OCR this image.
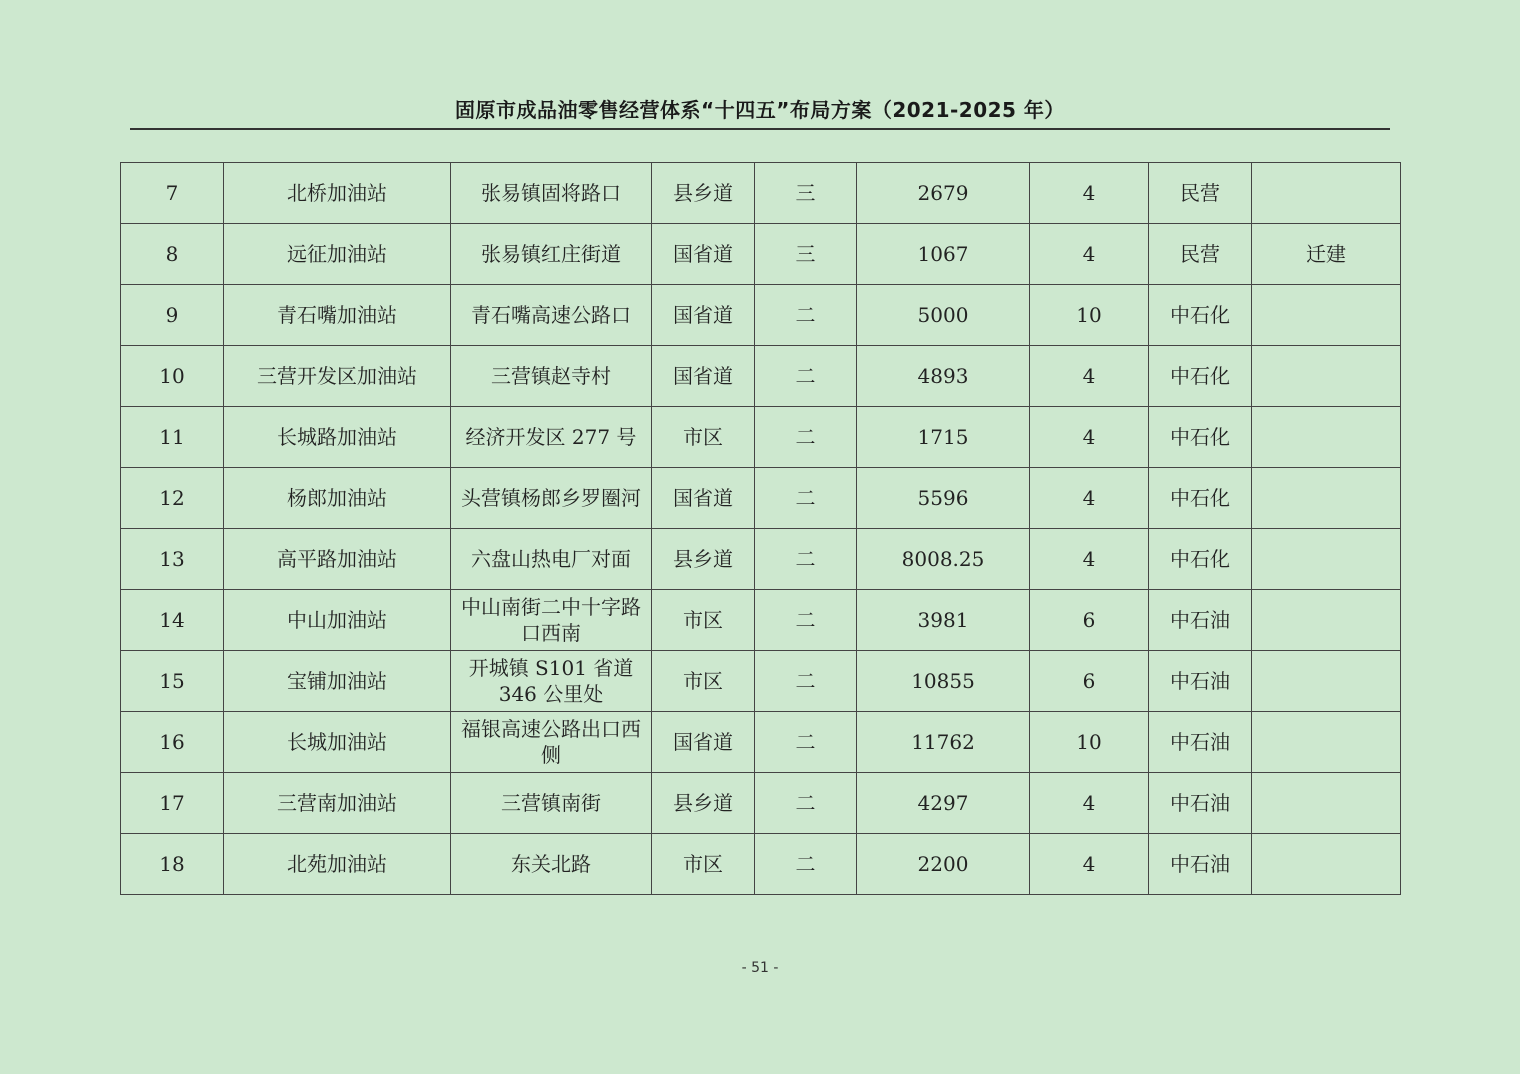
固原市成品油零售经营体系“十四五”布局方案（2021-2025 年）
7	北桥加油站	张易镇固将路口	县乡道	三	2679	4	民营	
8	远征加油站	张易镇红庄街道	国省道	三	1067	4	民营	迁建
9	青石嘴加油站	青石嘴高速公路口	国省道	二	5000	10	中石化	
10	三营开发区加油站	三营镇赵寺村	国省道	二	4893	4	中石化	
11	长城路加油站	经济开发区 277 号	市区	二	1715	4	中石化	
12	杨郎加油站	头营镇杨郎乡罗圈河	国省道	二	5596	4	中石化	
13	高平路加油站	六盘山热电厂对面	县乡道	二	8008.25	4	中石化	
14	中山加油站	中山南街二中十字路口西南	市区	二	3981	6	中石油	
15	宝铺加油站	开城镇 S101 省道 346 公里处	市区	二	10855	6	中石油	
16	长城加油站	福银高速公路出口西侧	国省道	二	11762	10	中石油	
17	三营南加油站	三营镇南街	县乡道	二	4297	4	中石油	
18	北苑加油站	东关北路	市区	二	2200	4	中石油	
- 51 -
